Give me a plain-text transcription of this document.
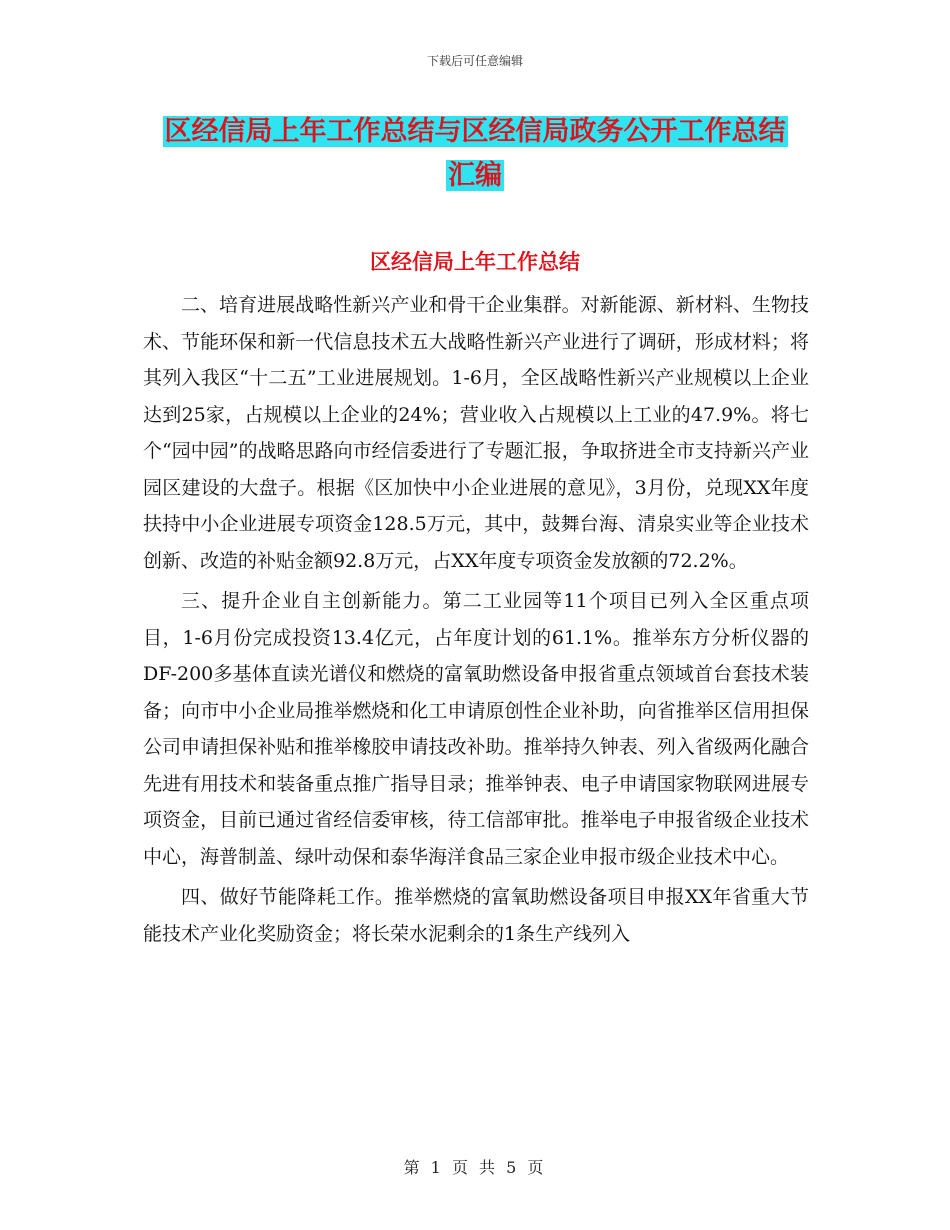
下载后可任意编辑
区经信局上年工作总结与区经信局政务公开工作总结
汇编
区经信局上年工作总结

二、培育进展战略性新兴产业和骨干企业集群。对新能源、新材料、生物技术、节能环保和新一代信息技术五大战略性新兴产业进行了调研，形成材料；将其列入我区“十二五”工业进展规划。1-6月，全区战略性新兴产业规模以上企业达到25家，占规模以上企业的24%；营业收入占规模以上工业的47.9%。将七个“园中园”的战略思路向市经信委进行了专题汇报，争取挤进全市支持新兴产业园区建设的大盘子。根据《区加快中小企业进展的意见》，3月份，兑现XX年度扶持中小企业进展专项资金128.5万元，其中，鼓舞台海、清泉实业等企业技术创新、改造的补贴金额92.8万元，占XX年度专项资金发放额的72.2%。

三、提升企业自主创新能力。第二工业园等11个项目已列入全区重点项目，1-6月份完成投资13.4亿元，占年度计划的61.1%。推举东方分析仪器的DF-200多基体直读光谱仪和燃烧的富氧助燃设备申报省重点领域首台套技术装备；向市中小企业局推举燃烧和化工申请原创性企业补助，向省推举区信用担保公司申请担保补贴和推举橡胶申请技改补助。推举持久钟表、列入省级两化融合先进有用技术和装备重点推广指导目录；推举钟表、电子申请国家物联网进展专项资金，目前已通过省经信委审核，待工信部审批。推举电子申报省级企业技术中心，海普制盖、绿叶动保和泰华海洋食品三家企业申报市级企业技术中心。

四、做好节能降耗工作。推举燃烧的富氧助燃设备项目申报XX年省重大节能技术产业化奖励资金；将长荣水泥剩余的1条生产线列入

第 1 页 共 5 页
